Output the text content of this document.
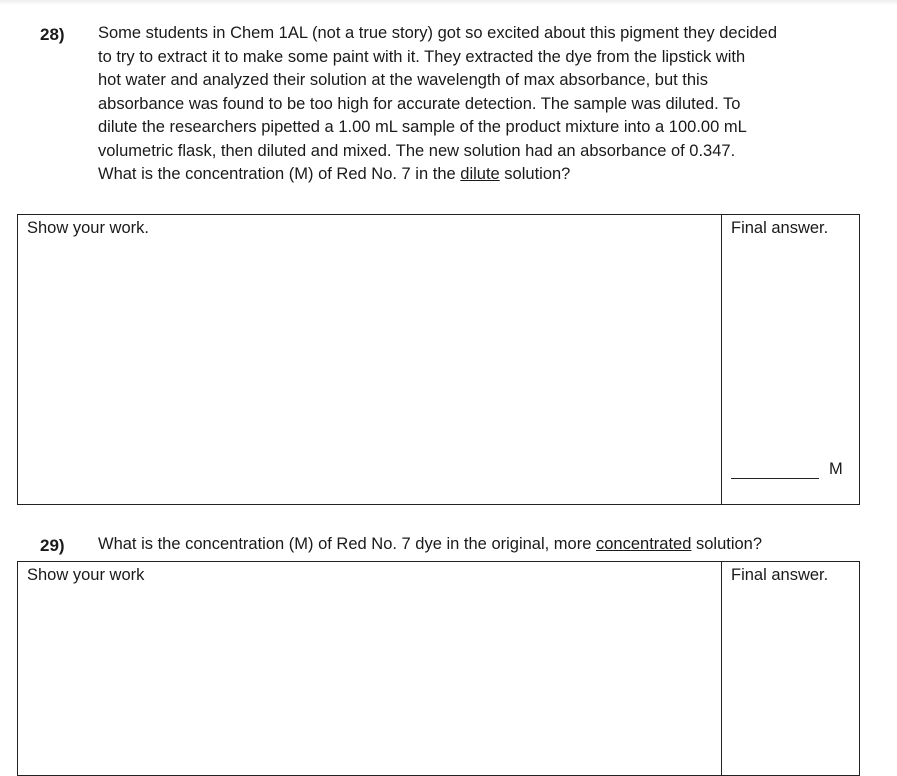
28) Some students in Chem 1AL (not a true story) got so excited about this pigment they decided
to try to extract it to make some paint with it. They extracted the dye from the lipstick with
hot water and analyzed their solution at the wavelength of max absorbance, but this
absorbance was found to be too high for accurate detection. The sample was diluted. To
dilute the researchers pipetted a 1.00 mL sample of the product mixture into a 100.00 mL
volumetric flask, then diluted and mixed. The new solution had an absorbance of 0.347.
What is the concentration (M) of Red No. 7 in the dilute solution?
Show your work.	Final answer.
M
29) What is the concentration (M) of Red No. 7 dye in the original, more concentrated solution?
Show your work	Final answer.
